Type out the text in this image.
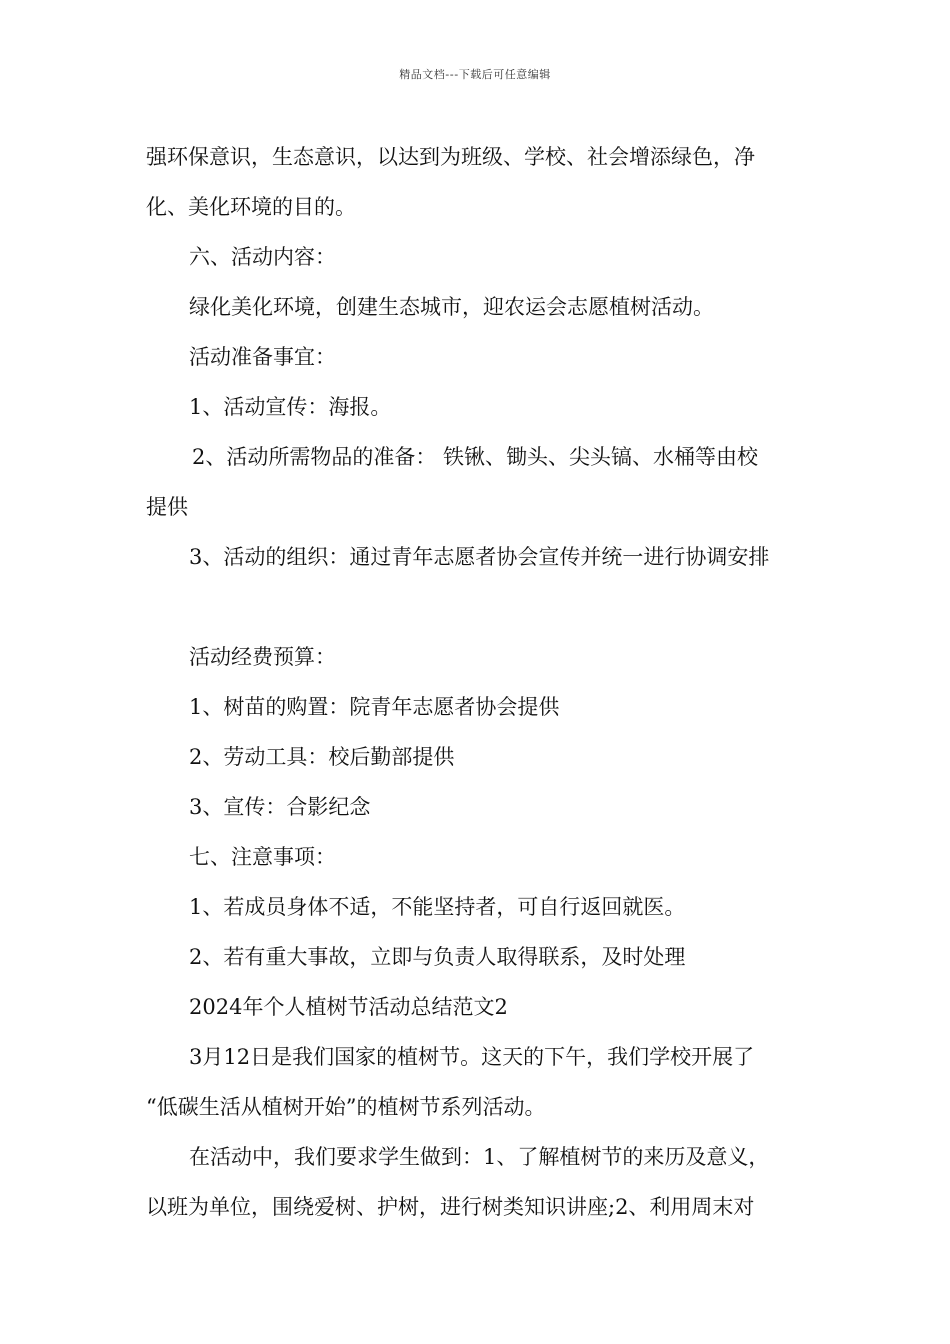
精品文档---下载后可任意编辑

强环保意识，生态意识，以达到为班级、学校、社会增添绿色，净

化、美化环境的目的。

六、活动内容：

绿化美化环境，创建生态城市，迎农运会志愿植树活动。

活动准备事宜：

1、活动宣传：海报。

2、活动所需物品的准备： 铁锹、锄头、尖头镐、水桶等由校

提供

3、活动的组织：通过青年志愿者协会宣传并统一进行协调安排

活动经费预算：

1、树苗的购置：院青年志愿者协会提供

2、劳动工具：校后勤部提供

3、宣传：合影纪念

七、注意事项：

1、若成员身体不适，不能坚持者，可自行返回就医。

2、若有重大事故，立即与负责人取得联系，及时处理

2024年个人植树节活动总结范文2

3月12日是我们国家的植树节。这天的下午，我们学校开展了

“低碳生活从植树开始”的植树节系列活动。

在活动中，我们要求学生做到：1、了解植树节的来历及意义，

以班为单位，围绕爱树、护树，进行树类知识讲座;2、利用周末对
